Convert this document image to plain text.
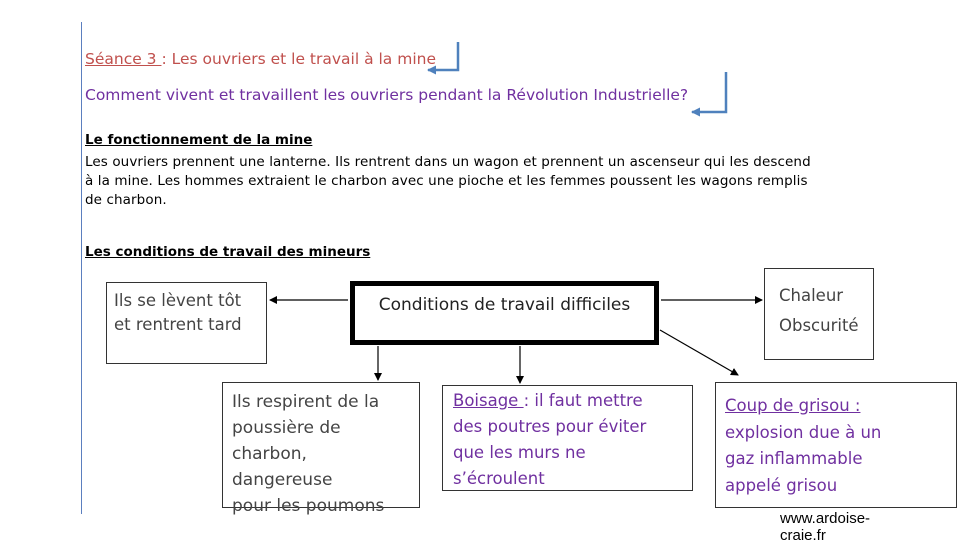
Séance 3 : Les ouvriers et le travail à la mine
Comment vivent et travaillent les ouvriers pendant la Révolution Industrielle?
Le fonctionnement de la mine
Les ouvriers prennent une lanterne. Ils rentrent dans un wagon et prennent un ascenseur qui les descend
à la mine. Les hommes extraient le charbon avec une pioche et les femmes poussent les wagons remplis
de charbon.
Les conditions de travail des mineurs
Ils se lèvent tôt
et rentrent tard
Conditions de travail difficiles	Chaleur
Obscurité
Ils respirent de la
poussière de
charbon, dangereuse
pour les poumons
Boisage : il faut mettre
des poutres pour éviter
que les murs ne
s’écroulent
Coup de grisou :
explosion due à un
gaz inflammable
appelé grisou
www.ardoise-
craie.fr
